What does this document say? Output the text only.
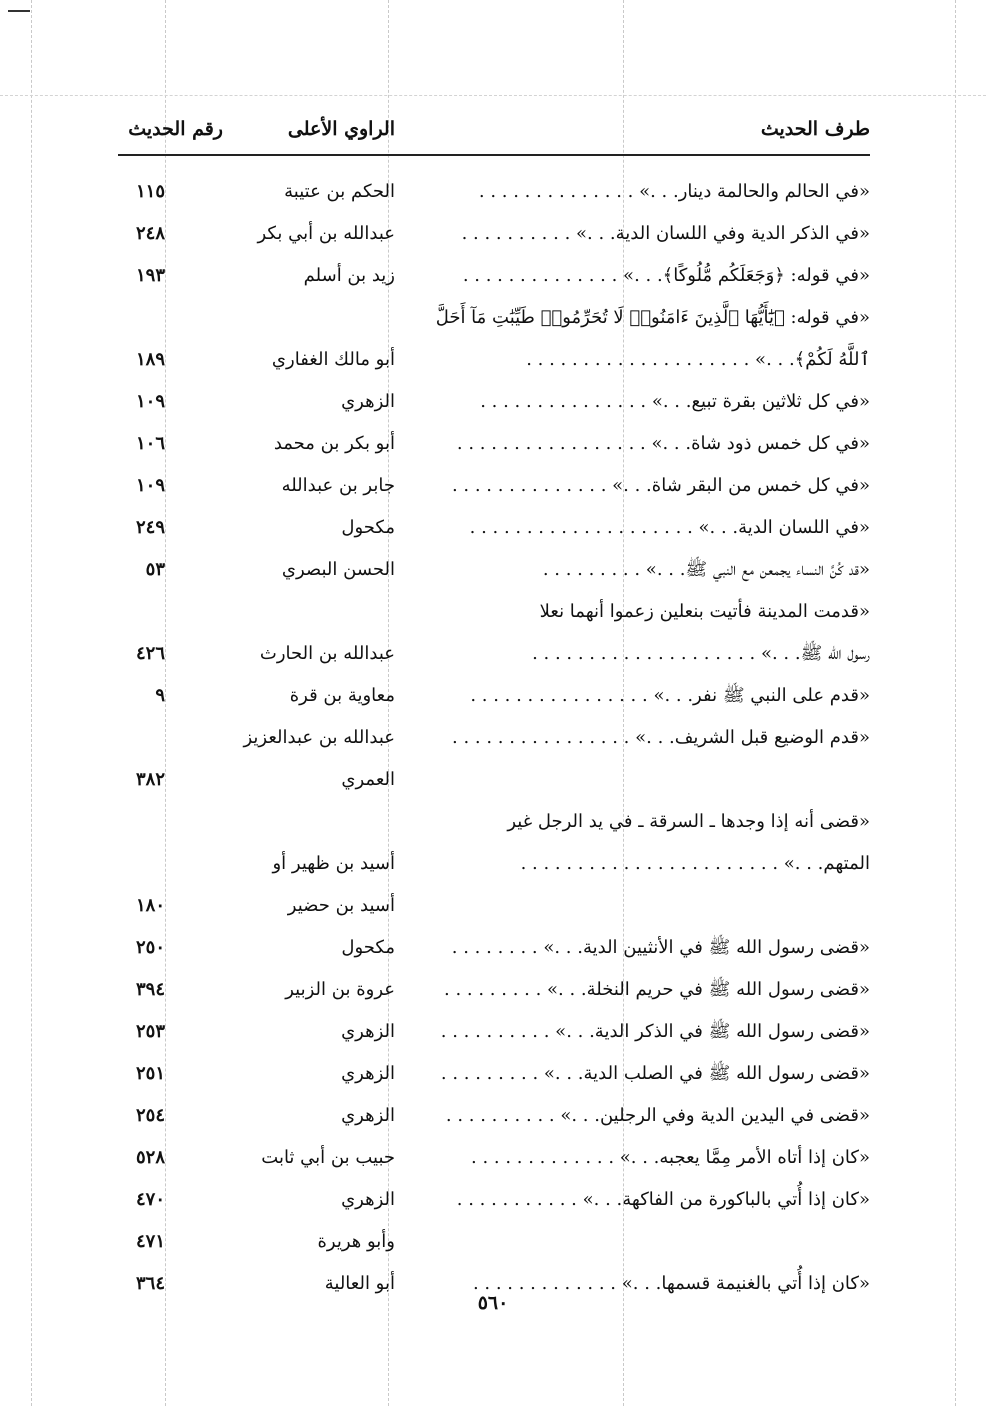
طرف الحديث
الراوي الأعلى
رقم الحديث
«في الحالم والحالمة دينار. . .» . . . . . . . . . . . . . .
الحكم بن عتيبة
١١٥
«في الذكر الدية وفي اللسان الدية. . .» . . . . . . . . . .
عبدالله بن أبي بكر
٢٤٨
«في قوله: ﴿وَجَعَلَكُم مُّلُوكًا﴾. . .» . . . . . . . . . . . . . .
زيد بن أسلم
١٩٣
«في قوله: ﴿يَٰٓأَيُّهَا ٱلَّذِينَ ءَامَنُوا۟ لَا تُحَرِّمُوا۟ طَيِّبَٰتِ مَآ أَحَلَّ
ٱللَّهُ لَكُمْ﴾. . .» . . . . . . . . . . . . . . . . . . . .
أبو مالك الغفاري
١٨٩
«في كل ثلاثين بقرة تبيع. . .» . . . . . . . . . . . . . . .
الزهري
١٠٩
«في كل خمس ذود شاة. . .» . . . . . . . . . . . . . . . . .
أبو بكر بن محمد
١٠٦
«في كل خمس من البقر شاة. . .» . . . . . . . . . . . . . .
جابر بن عبدالله
١٠٩
«في اللسان الدية. . .» . . . . . . . . . . . . . . . . . . . .
مكحول
٢٤٩
«قد كُنَّ النساء يجمعن مع النبي ﷺ. . .» . . . . . . . . .
الحسن البصري
٥٣
«قدمت المدينة فأتيت بنعلين زعموا أنهما نعلا
رسول الله ﷺ. . .» . . . . . . . . . . . . . . . . . . . .
عبدالله بن الحارث
٤٢٦
«قدم على النبي ﷺ نفر. . .» . . . . . . . . . . . . . . . .
معاوية بن قرة
٩
«قدم الوضيع قبل الشريف. . .» . . . . . . . . . . . . . . . .
عبدالله بن عبدالعزيز
العمري
٣٨٢
«قضى أنه إذا وجدها ـ السرقة ـ في يد الرجل غير
المتهم. . .» . . . . . . . . . . . . . . . . . . . . . . .
أسيد بن ظهير أو
أسيد بن حضير
١٨٠
«قضى رسول الله ﷺ في الأنثيين الدية. . .» . . . . . . . .
مكحول
٢٥٠
«قضى رسول الله ﷺ في حريم النخلة. . .» . . . . . . . . .
عروة بن الزبير
٣٩٤
«قضى رسول الله ﷺ في الذكر الدية. . .» . . . . . . . . . .
الزهري
٢٥٣
«قضى رسول الله ﷺ في الصلب الدية. . .» . . . . . . . . .
الزهري
٢٥١
«قضى في اليدين الدية وفي الرجلين. . .» . . . . . . . . . .
الزهري
٢٥٤
«كان إذا أتاه الأمر مِمَّا يعجبه. . .» . . . . . . . . . . . . .
حبيب بن أبي ثابت
٥٢٨
«كان إذا أُتي بالباكورة من الفاكهة. . .» . . . . . . . . . . .
الزهري
٤٧٠
وأبو هريرة
٤٧١
«كان إذا أُتي بالغنيمة قسمها. . .» . . . . . . . . . . . . .
أبو العالية
٣٦٤
٥٦٠
